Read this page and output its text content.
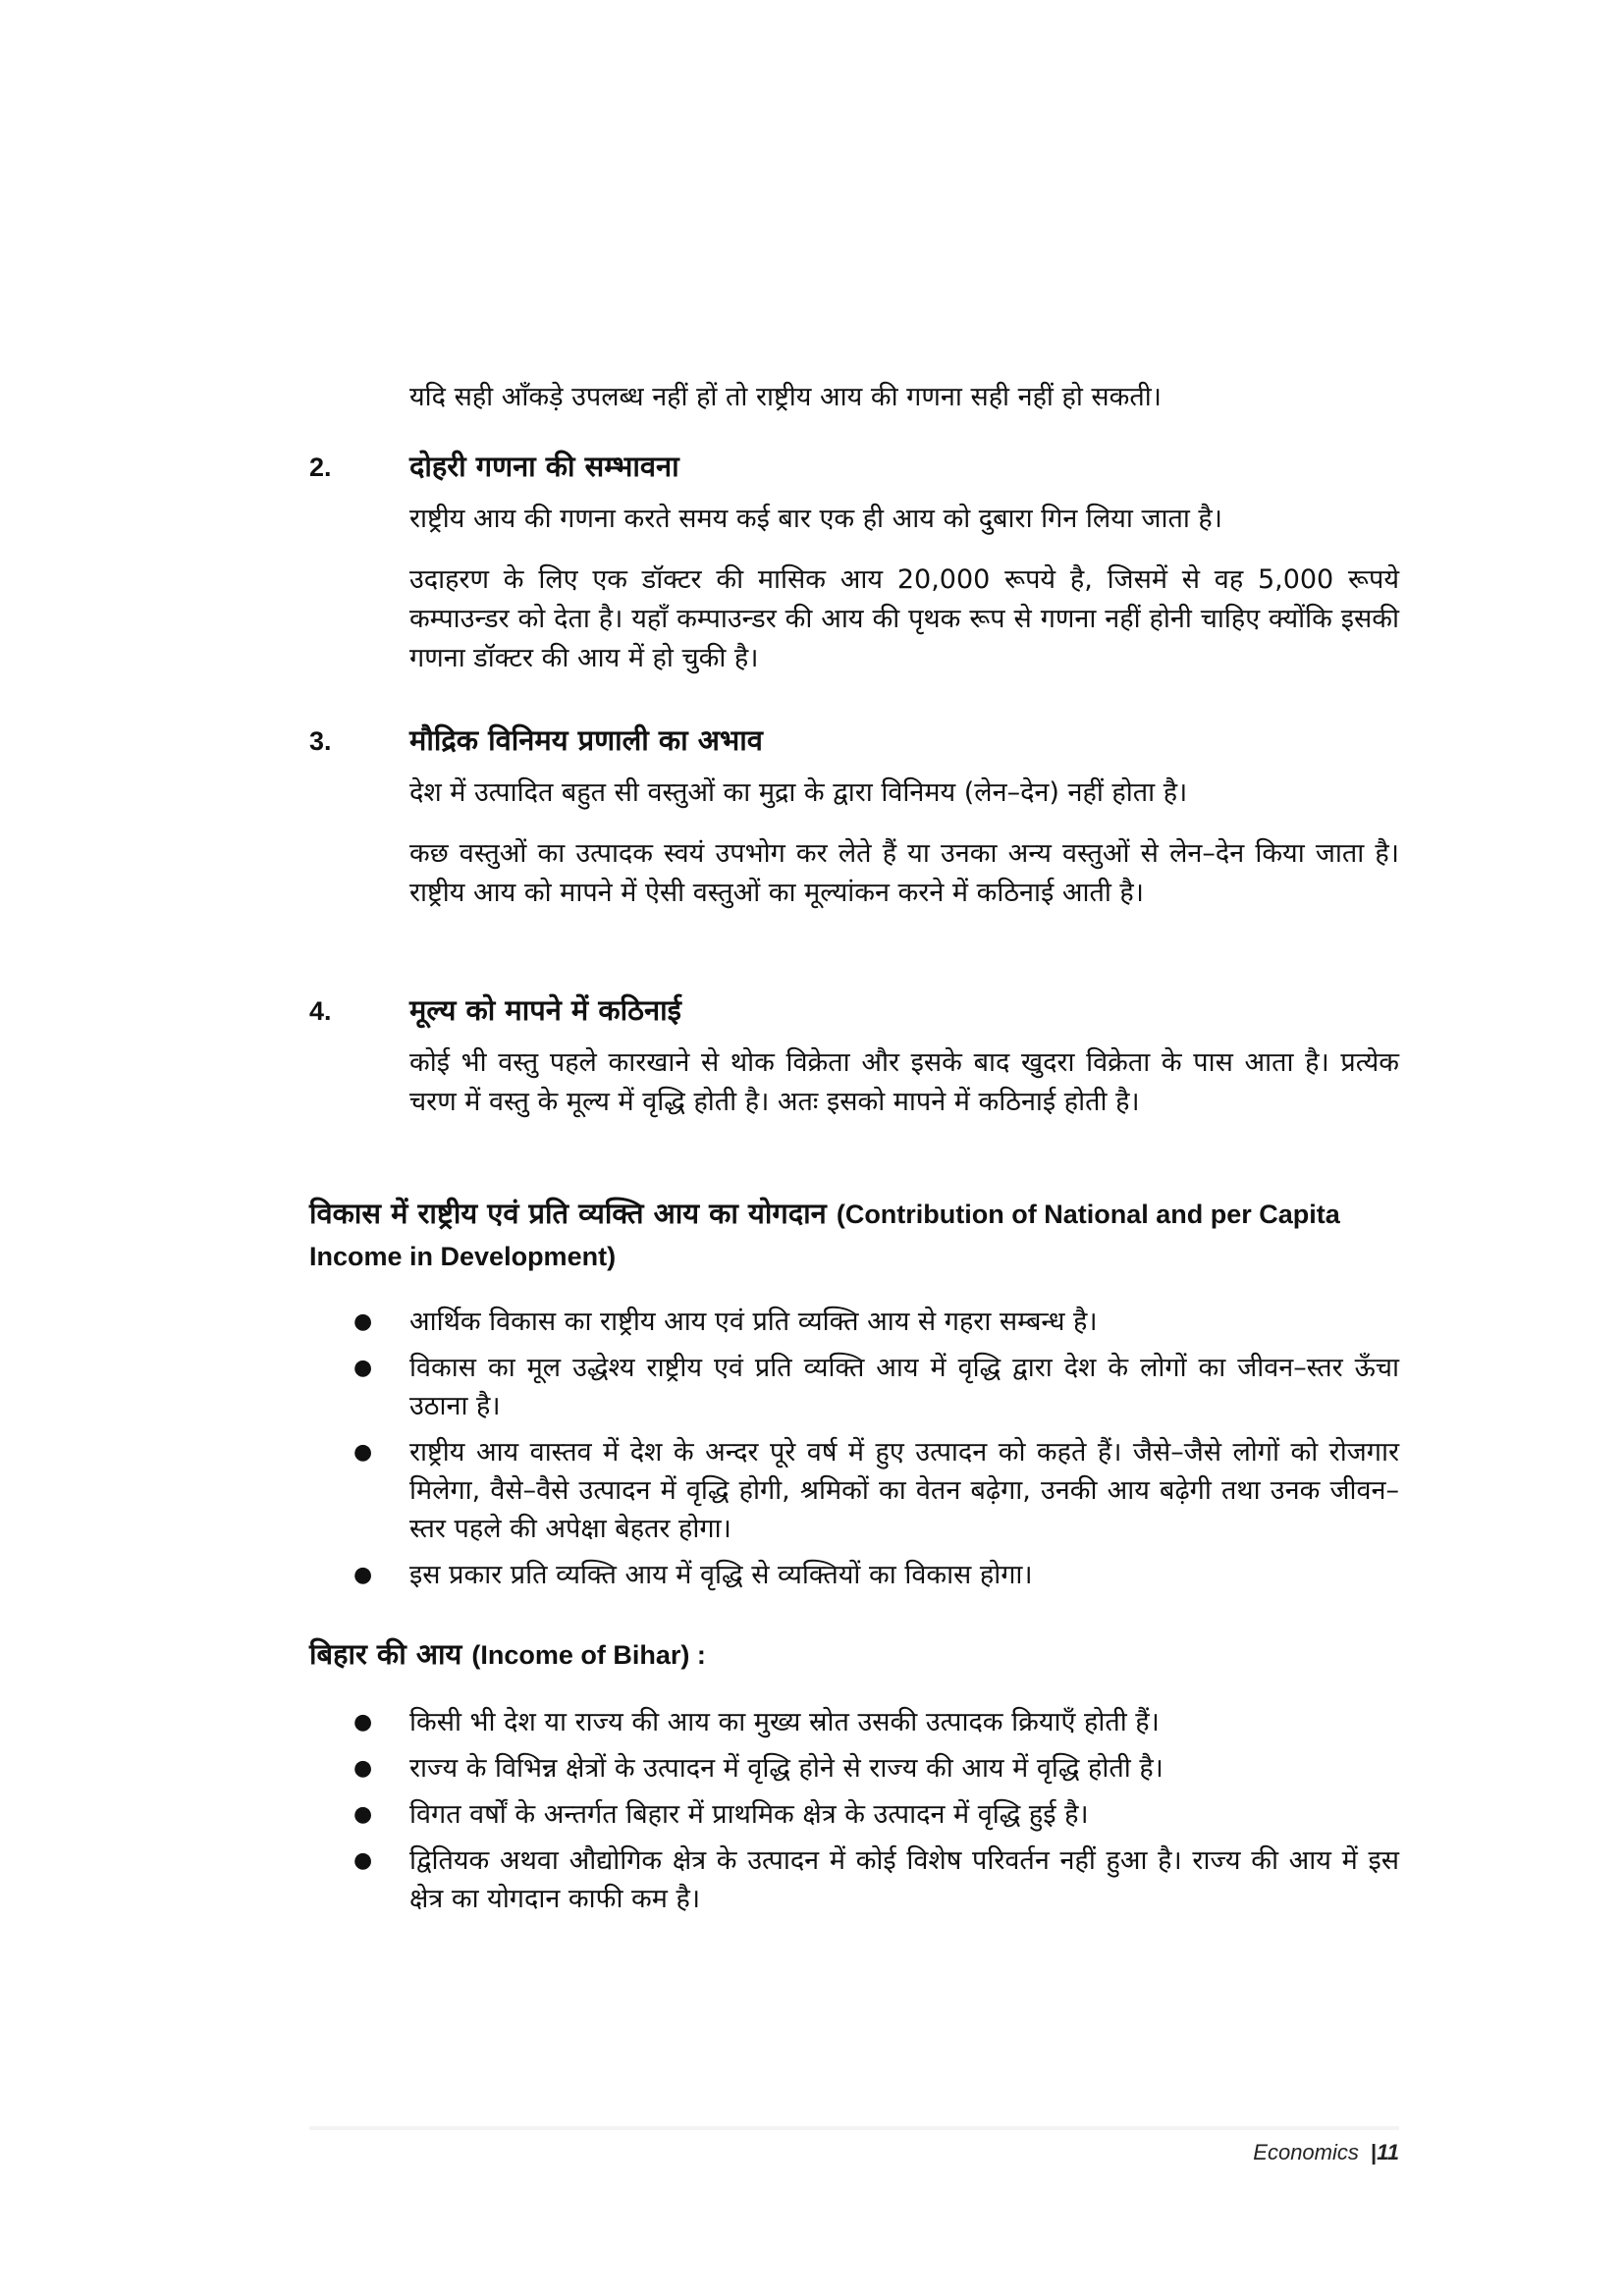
यदि सही आँकड़े उपलब्ध नहीं हों तो राष्ट्रीय आय की गणना सही नहीं हो सकती।
2.	दोहरी गणना की सम्भावना

राष्ट्रीय आय की गणना करते समय कई बार एक ही आय को दुबारा गिन लिया जाता है।

उदाहरण के लिए एक डॉक्टर की मासिक आय 20,000 रूपये है, जिसमें से वह 5,000 रूपये कम्पाउन्डर को देता है। यहाँ कम्पाउन्डर की आय की पृथक रूप से गणना नहीं होनी चाहिए क्योंकि इसकी गणना डॉक्टर की आय में हो चुकी है।

3.	मौद्रिक विनिमय प्रणाली का अभाव

देश में उत्पादित बहुत सी वस्तुओं का मुद्रा के द्वारा विनिमय (लेन–देन) नहीं होता है।

कछ वस्तुओं का उत्पादक स्वयं उपभोग कर लेते हैं या उनका अन्य वस्तुओं से लेन–देन किया जाता है। राष्ट्रीय आय को मापने में ऐसी वस्तुओं का मूल्यांकन करने में कठिनाई आती है।

4.	मूल्य को मापने में कठिनाई

कोई भी वस्तु पहले कारखाने से थोक विक्रेता और इसके बाद खुदरा विक्रेता के पास आता है। प्रत्येक चरण में वस्तु के मूल्य में वृद्धि होती है। अतः इसको मापने में कठिनाई होती है।

विकास में राष्ट्रीय एवं प्रति व्यक्ति आय का योगदान (Contribution of National and per Capita Income in Development)
●	आर्थिक विकास का राष्ट्रीय आय एवं प्रति व्यक्ति आय से गहरा सम्बन्ध है।
●	विकास का मूल उद्धेश्य राष्ट्रीय एवं प्रति व्यक्ति आय में वृद्धि द्वारा देश के लोगों का जीवन–स्तर ऊँचा उठाना है।
●	राष्ट्रीय आय वास्तव में देश के अन्दर पूरे वर्ष में हुए उत्पादन को कहते हैं। जैसे–जैसे लोगों को रोजगार मिलेगा, वैसे–वैसे उत्पादन में वृद्धि होगी, श्रमिकों का वेतन बढ़ेगा, उनकी आय बढ़ेगी तथा उनक जीवन–स्तर पहले की अपेक्षा बेहतर होगा।
●	इस प्रकार प्रति व्यक्ति आय में वृद्धि से व्यक्तियों का विकास होगा।
बिहार की आय (Income of Bihar) :
●	किसी भी देश या राज्य की आय का मुख्य स्रोत उसकी उत्पादक क्रियाएँ होती हैं।
●	राज्य के विभिन्न क्षेत्रों के उत्पादन में वृद्धि होने से राज्य की आय में वृद्धि होती है।
●	विगत वर्षों के अन्तर्गत बिहार में प्राथमिक क्षेत्र के उत्पादन में वृद्धि हुई है।
●	द्वितियक अथवा औद्योगिक क्षेत्र के उत्पादन में कोई विशेष परिवर्तन नहीं हुआ है। राज्य की आय में इस क्षेत्र का योगदान काफी कम है।
Economics |11
